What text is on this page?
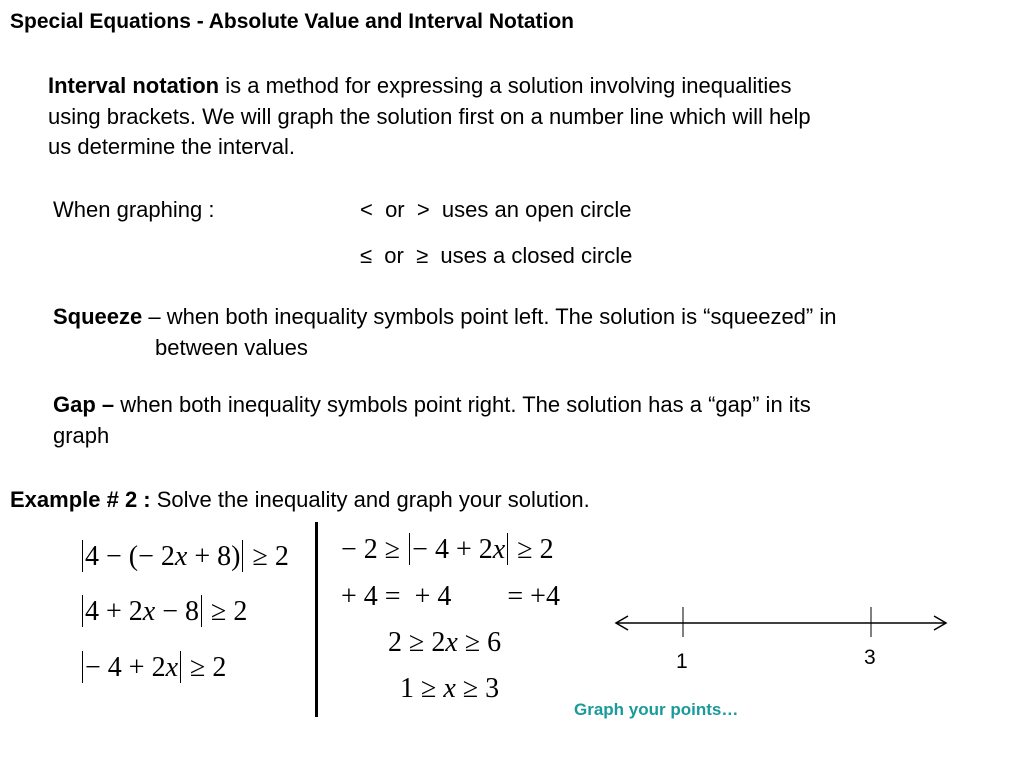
Special Equations - Absolute Value and Interval Notation
Interval notation is a method for expressing a solution involving inequalities
using brackets. We will graph the solution first on a number line which will help
us determine the interval.
When graphing :	<  or  >  uses an open circle
≤  or  ≥  uses a closed circle
Squeeze – when both inequality symbols point left. The solution is “squeezed” in
between values
Gap – when both inequality symbols point right. The solution has a “gap” in its
graph
Example # 2 : Solve the inequality and graph your solution.
4 − (− 2x + 8) ≥ 2
4 + 2x − 8 ≥ 2
− 4 + 2x ≥ 2
− 2 ≥ − 4 + 2x ≥ 2
+ 4 =  + 4        = +4
2 ≥ 2x ≥ 6
1 ≥ x ≥ 3
1	3
Graph your points…
